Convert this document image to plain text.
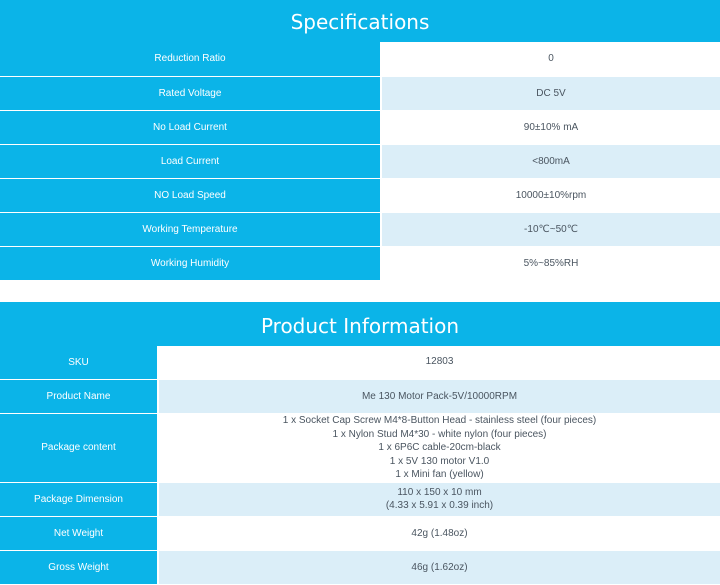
Specifications
Reduction Ratio	0
Rated Voltage	DC 5V
No Load Current	90±10% mA
Load Current	<800mA
NO Load Speed	10000±10%rpm
Working Temperature	-10℃~50℃
Working Humidity	5%~85%RH
Product Information
SKU	12803
Product Name	Me 130 Motor Pack-5V/10000RPM
Package content	1 x Socket Cap Screw M4*8-Button Head - stainless steel (four pieces)
1 x Nylon Stud M4*30 - white nylon (four pieces)
1 x 6P6C cable-20cm-black
1 x 5V 130 motor V1.0
1 x Mini fan (yellow)

Package Dimension	110 x 150 x 10 mm
(4.33 x 5.91 x 0.39 inch)

Net Weight	42g (1.48oz)
Gross Weight	46g (1.62oz)
